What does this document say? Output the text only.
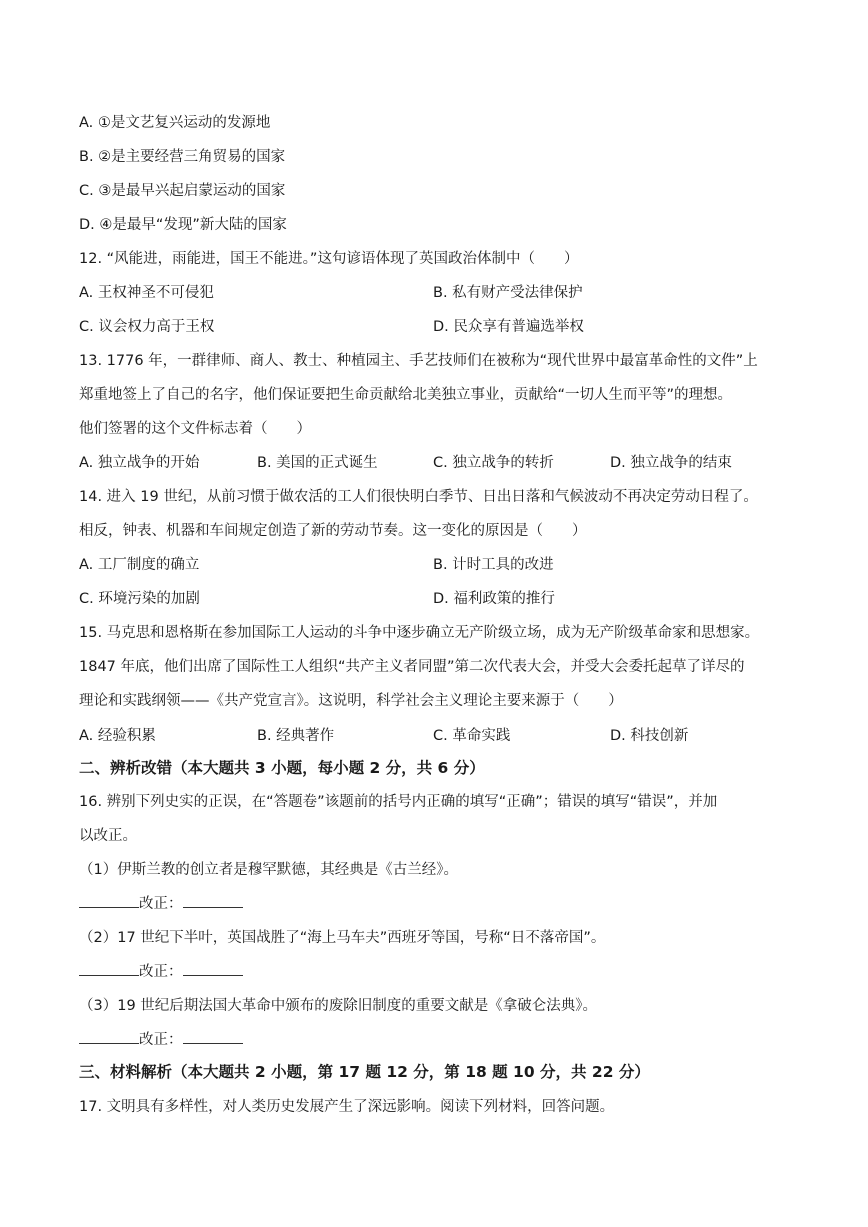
A. ①是文艺复兴运动的发源地
B. ②是主要经营三角贸易的国家
C. ③是最早兴起启蒙运动的国家
D. ④是最早“发现”新大陆的国家
12. “风能进，雨能进，国王不能进。”这句谚语体现了英国政治体制中（　　）
A. 王权神圣不可侵犯	B. 私有财产受法律保护
C. 议会权力高于王权	D. 民众享有普遍选举权
13. 1776 年，一群律师、商人、教士、种植园主、手艺技师们在被称为“现代世界中最富革命性的文件”上
郑重地签上了自己的名字，他们保证要把生命贡献给北美独立事业，贡献给“一切人生而平等”的理想。
他们签署的这个文件标志着（　　）
A. 独立战争的开始	B. 美国的正式诞生	C. 独立战争的转折	D. 独立战争的结束
14. 进入 19 世纪，从前习惯于做农活的工人们很快明白季节、日出日落和气候波动不再决定劳动日程了。
相反，钟表、机器和车间规定创造了新的劳动节奏。这一变化的原因是（　　）
A. 工厂制度的确立	B. 计时工具的改进
C. 环境污染的加剧	D. 福利政策的推行
15. 马克思和恩格斯在参加国际工人运动的斗争中逐步确立无产阶级立场，成为无产阶级革命家和思想家。
1847 年底，他们出席了国际性工人组织“共产主义者同盟”第二次代表大会，并受大会委托起草了详尽的
理论和实践纲领——《共产党宣言》。这说明，科学社会主义理论主要来源于（　　）
A. 经验积累	B. 经典著作	C. 革命实践	D. 科技创新
二、辨析改错（本大题共 3 小题，每小题 2 分，共 6 分）
16. 辨别下列史实的正误，在“答题卷”该题前的括号内正确的填写“正确”；错误的填写“错误”，并加
以改正。
（1）伊斯兰教的创立者是穆罕默德，其经典是《古兰经》。
改正：
（2）17 世纪下半叶，英国战胜了“海上马车夫”西班牙等国，号称“日不落帝国”。
改正：
（3）19 世纪后期法国大革命中颁布的废除旧制度的重要文献是《拿破仑法典》。
改正：
三、材料解析（本大题共 2 小题，第 17 题 12 分，第 18 题 10 分，共 22 分）
17. 文明具有多样性，对人类历史发展产生了深远影响。阅读下列材料，回答问题。
